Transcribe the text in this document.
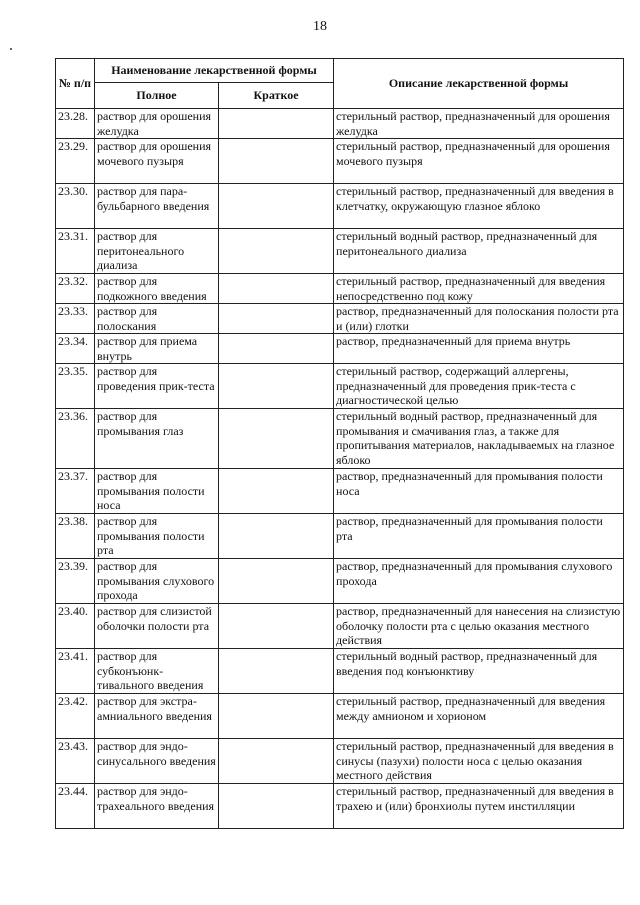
18
№ п/п	Наименование лекарственной формы		Описание лекарственной формы
	Полное	Краткое	
23.28.	раствор для орошения желудка		стерильный раствор, предназначенный для орошения желудка
23.29.	раствор для орошения мочевого пузыря		стерильный раствор, предназначенный для орошения мочевого пузыря
23.30.	раствор для пара-бульбарного введения		стерильный раствор, предназначенный для введения в клетчатку, окружающую глазное яблоко
23.31.	раствор для перитонеального диализа		стерильный водный раствор, предназначенный для перитонеального диализа
23.32.	раствор для подкожного введения		стерильный раствор, предназначенный для введения непосредственно под кожу
23.33.	раствор для полоскания		раствор, предназначенный для полоскания полости рта и (или) глотки
23.34.	раствор для приема внутрь		раствор, предназначенный для приема внутрь
23.35.	раствор для проведения прик-теста		стерильный раствор, содержащий аллергены, предназначенный для проведения прик-теста с диагностической целью
23.36.	раствор для промывания глаз		стерильный водный раствор, предназначенный для промывания и смачивания глаз, а также для пропитывания материалов, накладываемых на глазное яблоко
23.37.	раствор для промывания полости носа		раствор, предназначенный для промывания полости носа
23.38.	раствор для промывания полости рта		раствор, предназначенный для промывания полости рта
23.39.	раствор для промывания слухового прохода		раствор, предназначенный для промывания слухового прохода
23.40.	раствор для слизистой оболочки полости рта		раствор, предназначенный для нанесения на слизистую оболочку полости рта с целью оказания местного действия
23.41.	раствор для субконъюнк-тивального введения		стерильный водный раствор, предназначенный для введения под конъюнктиву
23.42.	раствор для экстра-амниального введения		стерильный раствор, предназначенный для введения между амнионом и хорионом
23.43.	раствор для эндо-синусального введения		стерильный раствор, предназначенный для введения в синусы (пазухи) полости носа с целью оказания местного действия
23.44.	раствор для эндо-трахеального введения		стерильный раствор, предназначенный для введения в трахею и (или) бронхиолы путем инстилляции
